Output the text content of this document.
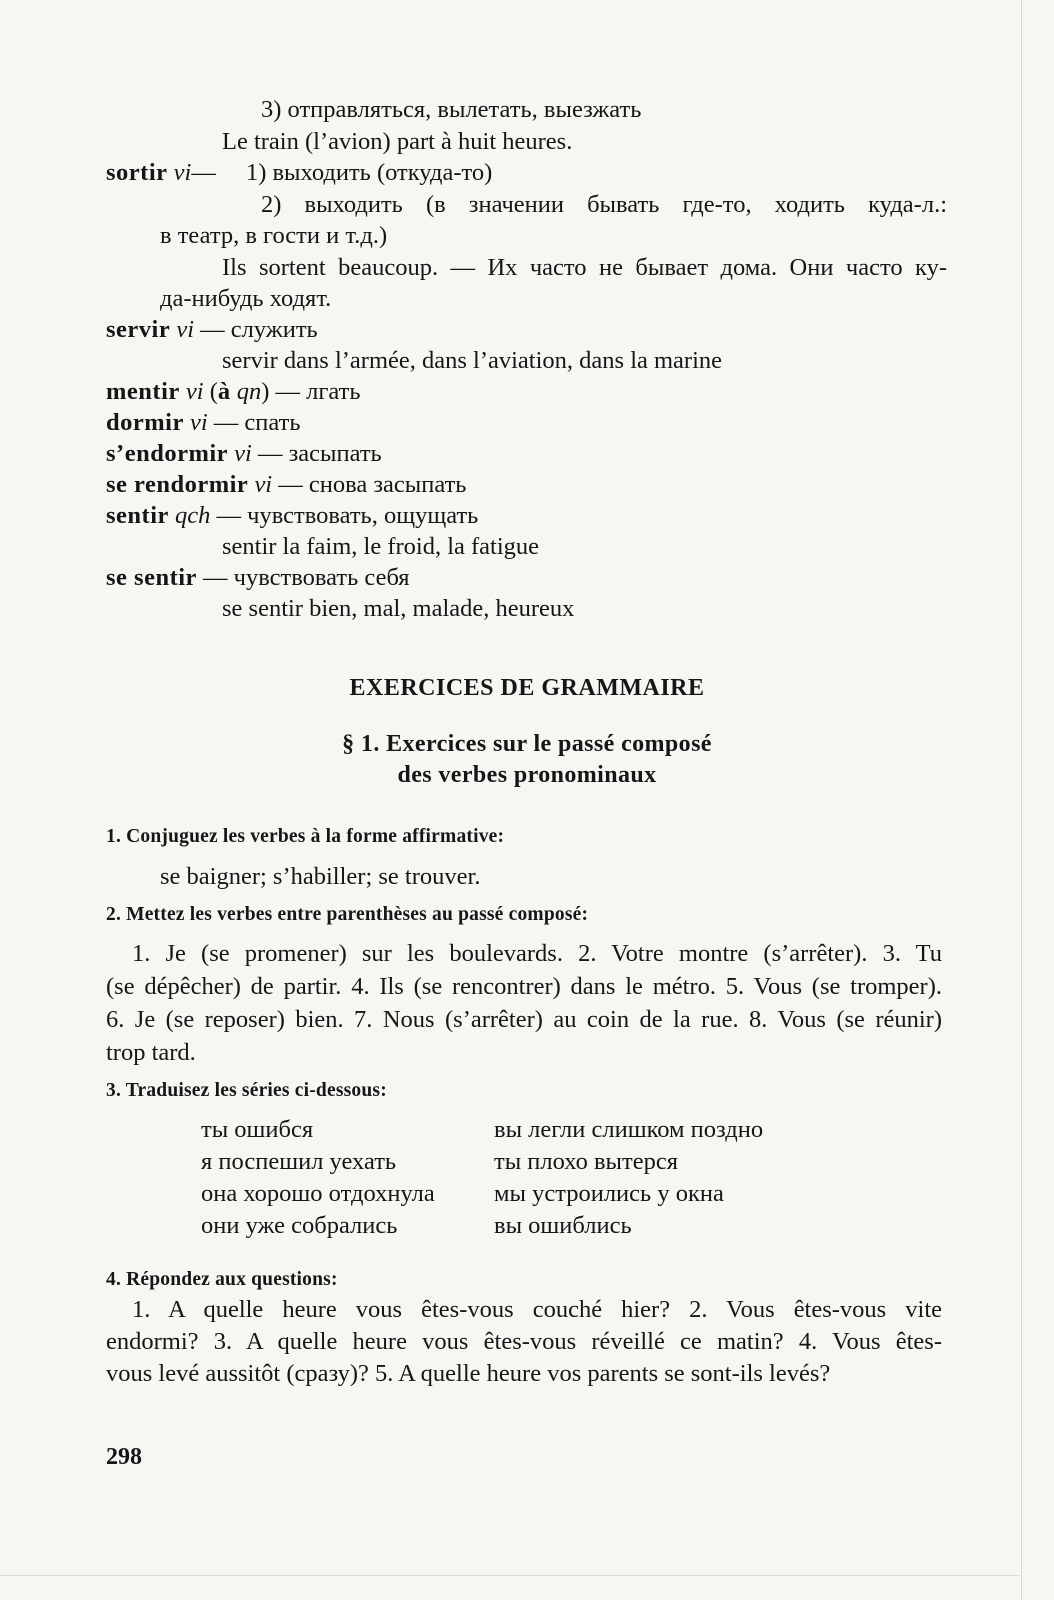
3) отправляться, вылетать, выезжать
Le train (l’avion) part à huit heures.
sortir vi— 1) выходить (откуда-то)
2) выходить (в значении бывать где-то, ходить куда-л.:
в театр, в гости и т.д.)
Ils sortent beaucoup. — Их часто не бывает дома. Они часто ку-
да-нибудь ходят.
servir vi — служить
servir dans l’armée, dans l’aviation, dans la marine
mentir vi (à qn) — лгать
dormir vi — спать
s’endormir vi — засыпать
se rendormir vi — снова засыпать
sentir qch — чувствовать, ощущать
sentir la faim, le froid, la fatigue
se sentir — чувствовать себя
se sentir bien, mal, malade, heureux
EXERCICES DE GRAMMAIRE
§ 1. Exercices sur le passé composé
des verbes pronominaux
1. Conjuguez les verbes à la forme affirmative:
se baigner; s’habiller; se trouver.
2. Mettez les verbes entre parenthèses au passé composé:
1. Je (se promener) sur les boulevards. 2. Votre montre (s’arrêter). 3. Tu
(se dépêcher) de partir. 4. Ils (se rencontrer) dans le métro. 5. Vous (se tromper).
6. Je (se reposer) bien. 7. Nous (s’arrêter) au coin de la rue. 8. Vous (se réunir)
trop tard.
3. Traduisez les séries ci-dessous:
ты ошибся
я поспешил уехать
она хорошо отдохнула
они уже собрались
вы легли слишком поздно
ты плохо вытерся
мы устроились у окна
вы ошиблись
4. Répondez aux questions:
1. A quelle heure vous êtes-vous couché hier? 2. Vous êtes-vous vite
endormi? 3. A quelle heure vous êtes-vous réveillé ce matin? 4. Vous êtes-
vous levé aussitôt (сразу)? 5. A quelle heure vos parents se sont-ils levés?
298
